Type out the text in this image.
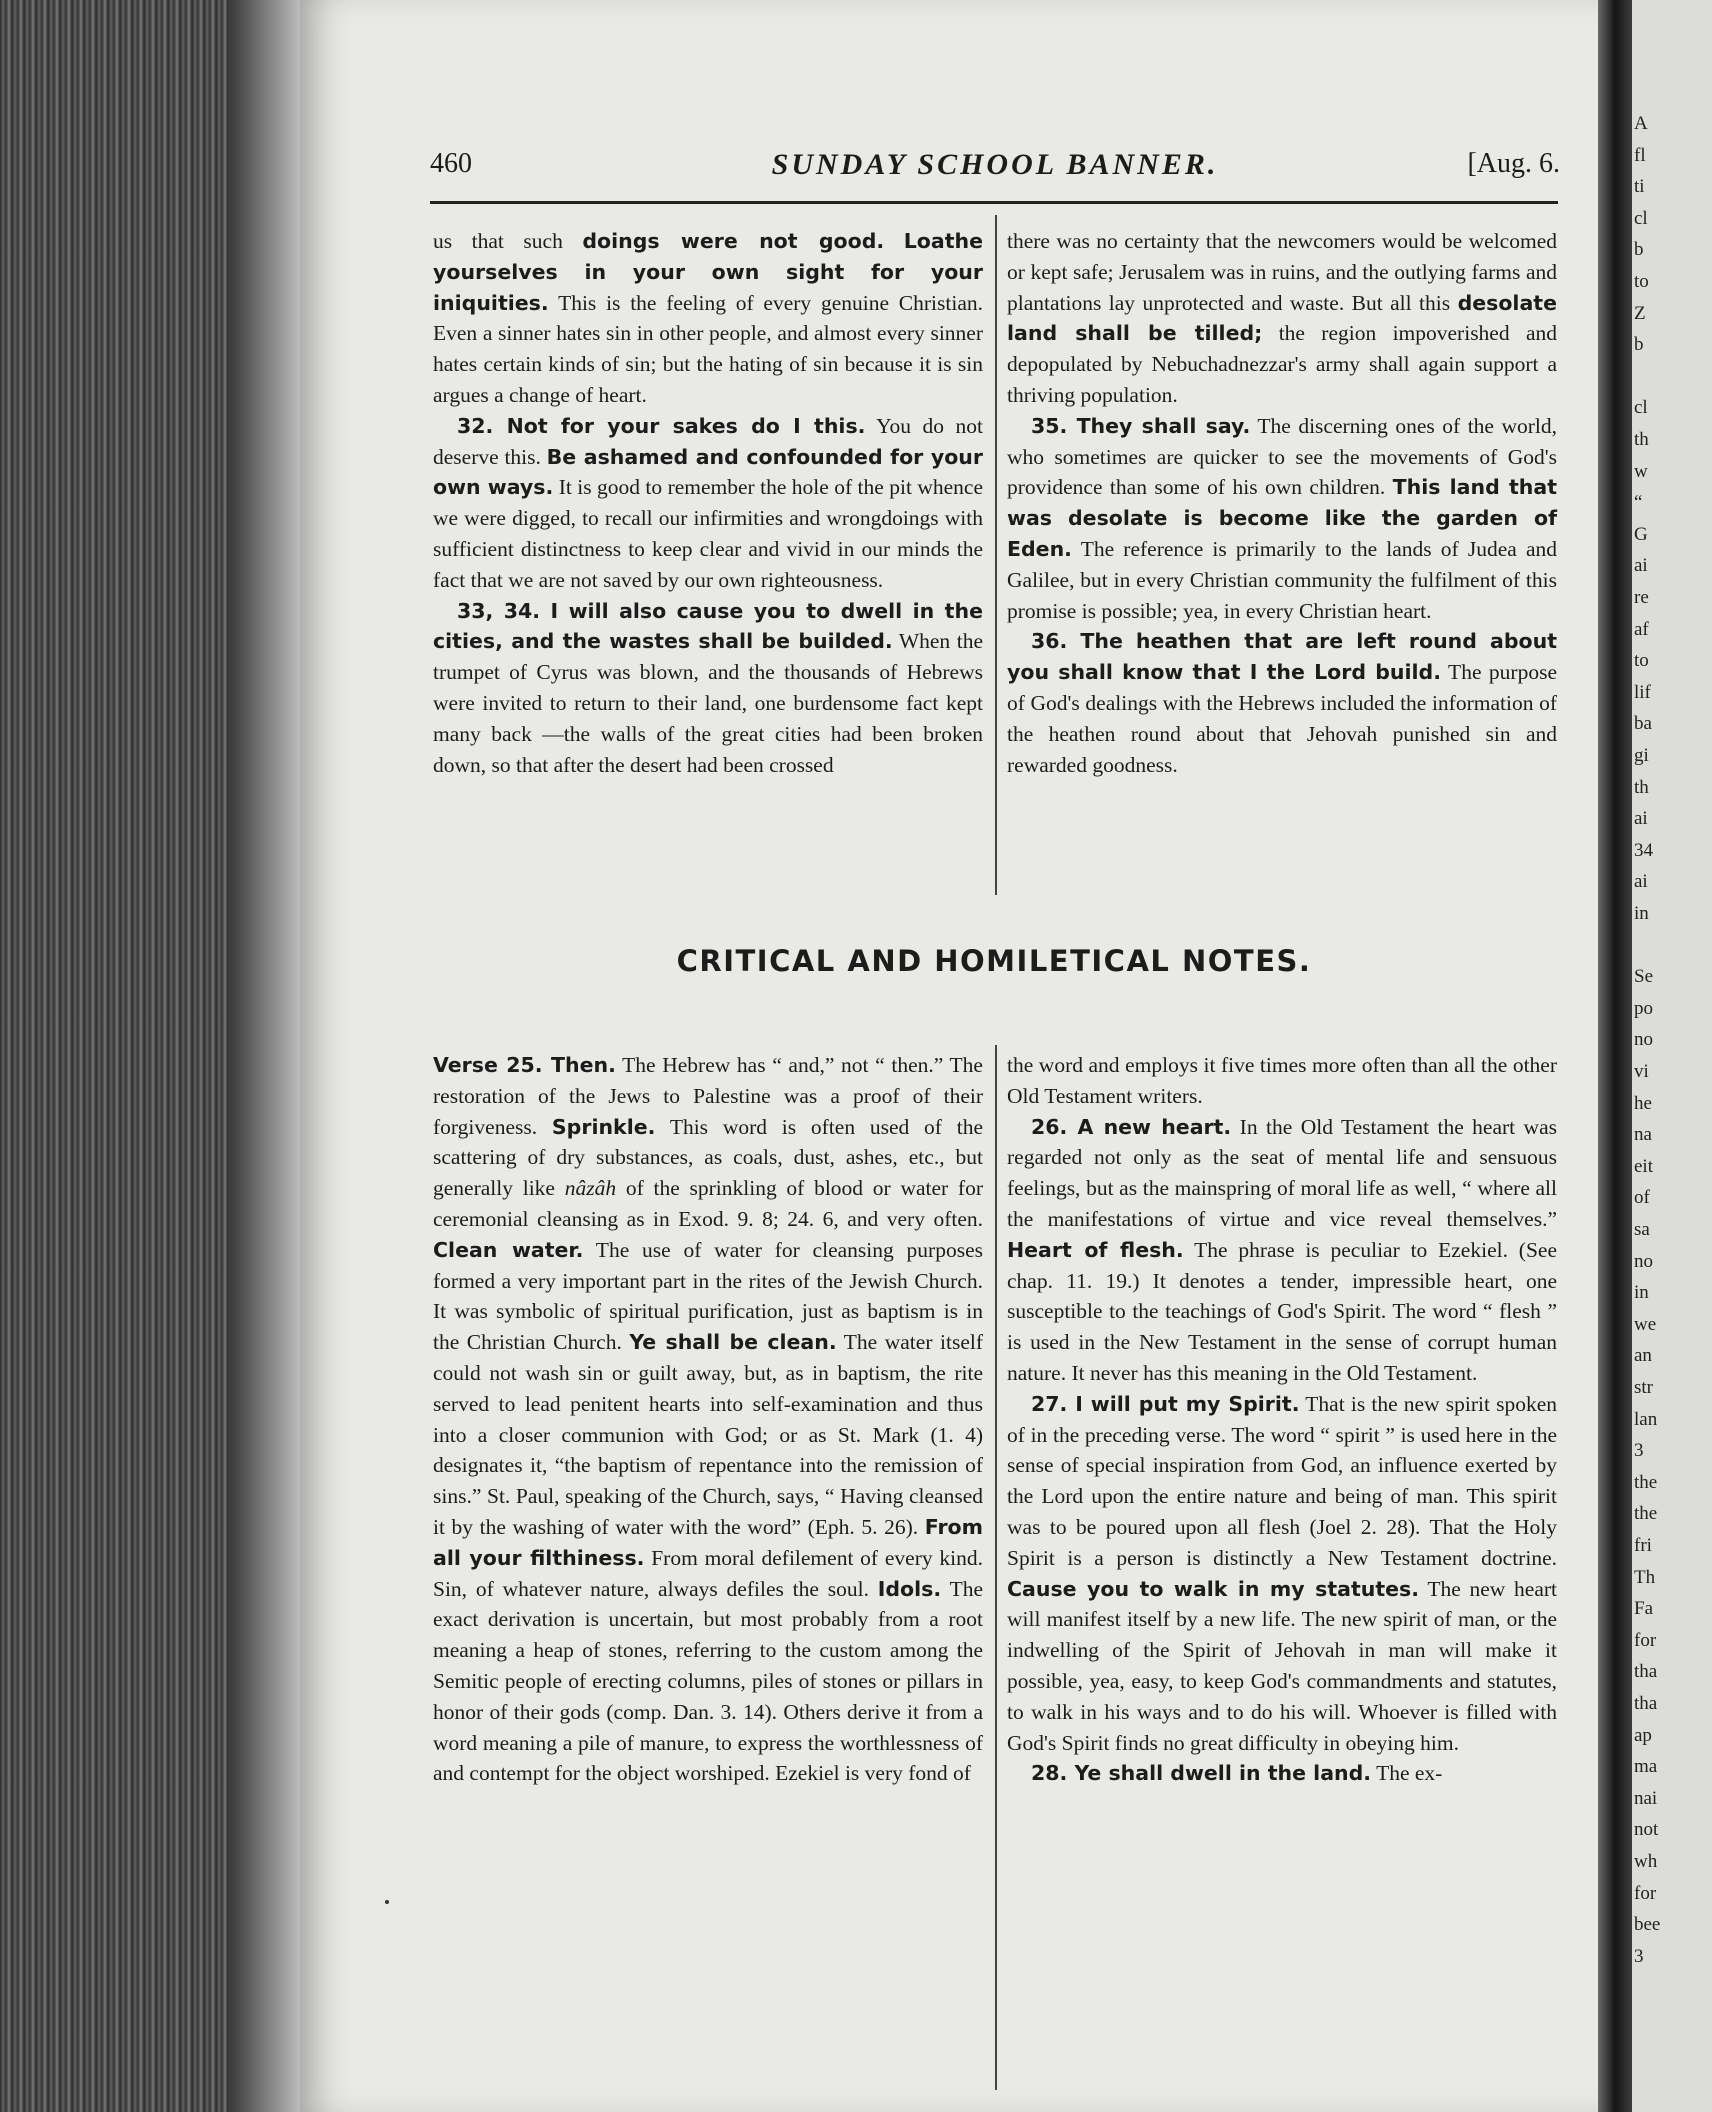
460	SUNDAY SCHOOL BANNER.	[Aug. 6.

us that such doings were not good. Loathe yourselves in your own sight for your iniquities. This is the feeling of every genuine Christian. Even a sinner hates sin in other people, and almost every sinner hates certain kinds of sin; but the hating of sin because it is sin argues a change of heart.

32. Not for your sakes do I this. You do not deserve this. Be ashamed and confounded for your own ways. It is good to remember the hole of the pit whence we were digged, to recall our infirmities and wrongdoings with sufficient distinctness to keep clear and vivid in our minds the fact that we are not saved by our own righteousness.

33, 34. I will also cause you to dwell in the cities, and the wastes shall be builded. When the trumpet of Cyrus was blown, and the thousands of Hebrews were invited to return to their land, one burdensome fact kept many back —the walls of the great cities had been broken down, so that after the desert had been crossed

there was no certainty that the newcomers would be welcomed or kept safe; Jerusalem was in ruins, and the outlying farms and plantations lay unprotected and waste. But all this desolate land shall be tilled; the region impoverished and depopulated by Nebuchadnezzar's army shall again support a thriving population.

35. They shall say. The discerning ones of the world, who sometimes are quicker to see the movements of God's providence than some of his own children. This land that was desolate is become like the garden of Eden. The reference is primarily to the lands of Judea and Galilee, but in every Christian community the fulfilment of this promise is possible; yea, in every Christian heart.

36. The heathen that are left round about you shall know that I the Lord build. The purpose of God's dealings with the Hebrews included the information of the heathen round about that Jehovah punished sin and rewarded goodness.

CRITICAL AND HOMILETICAL NOTES.

Verse 25. Then. The Hebrew has “ and,” not “ then.” The restoration of the Jews to Palestine was a proof of their forgiveness. Sprinkle. This word is often used of the scattering of dry substances, as coals, dust, ashes, etc., but generally like nâzâh of the sprinkling of blood or water for ceremonial cleansing as in Exod. 9. 8; 24. 6, and very often. Clean water. The use of water for cleansing purposes formed a very important part in the rites of the Jewish Church. It was symbolic of spiritual purification, just as baptism is in the Christian Church. Ye shall be clean. The water itself could not wash sin or guilt away, but, as in baptism, the rite served to lead penitent hearts into self-examination and thus into a closer communion with God; or as St. Mark (1. 4) designates it, “the baptism of repentance into the remission of sins.” St. Paul, speaking of the Church, says, “ Having cleansed it by the washing of water with the word” (Eph. 5. 26). From all your filthiness. From moral defilement of every kind. Sin, of whatever nature, always defiles the soul. Idols. The exact derivation is uncertain, but most probably from a root meaning a heap of stones, referring to the custom among the Semitic people of erecting columns, piles of stones or pillars in honor of their gods (comp. Dan. 3. 14). Others derive it from a word meaning a pile of manure, to express the worthlessness of and contempt for the object worshiped. Ezekiel is very fond of

the word and employs it five times more often than all the other Old Testament writers.

26. A new heart. In the Old Testament the heart was regarded not only as the seat of mental life and sensuous feelings, but as the mainspring of moral life as well, “ where all the manifestations of virtue and vice reveal themselves.” Heart of flesh. The phrase is peculiar to Ezekiel. (See chap. 11. 19.) It denotes a tender, impressible heart, one susceptible to the teachings of God's Spirit. The word “ flesh ” is used in the New Testament in the sense of corrupt human nature. It never has this meaning in the Old Testament.

27. I will put my Spirit. That is the new spirit spoken of in the preceding verse. The word “ spirit ” is used here in the sense of special inspiration from God, an influence exerted by the Lord upon the entire nature and being of man. This spirit was to be poured upon all flesh (Joel 2. 28). That the Holy Spirit is a person is distinctly a New Testament doctrine. Cause you to walk in my statutes. The new heart will manifest itself by a new life. The new spirit of man, or the indwelling of the Spirit of Jehovah in man will make it possible, yea, easy, to keep God's commandments and statutes, to walk in his ways and to do his will. Whoever is filled with God's Spirit finds no great difficulty in obeying him.

28. Ye shall dwell in the land. The ex-

A
fl
ti
cl
b
to
Z
b
cl
th
w
“
G
ai
re
af
to
lif
ba
gi
th
ai
34
ai
in
Se
po
no
vi
he
na
eit
of
sa
no
in
we
an
str
lan
3
the
the
fri
Th
Fa
for
tha
tha
ap
ma
nai
not
wh
for
bee
3
